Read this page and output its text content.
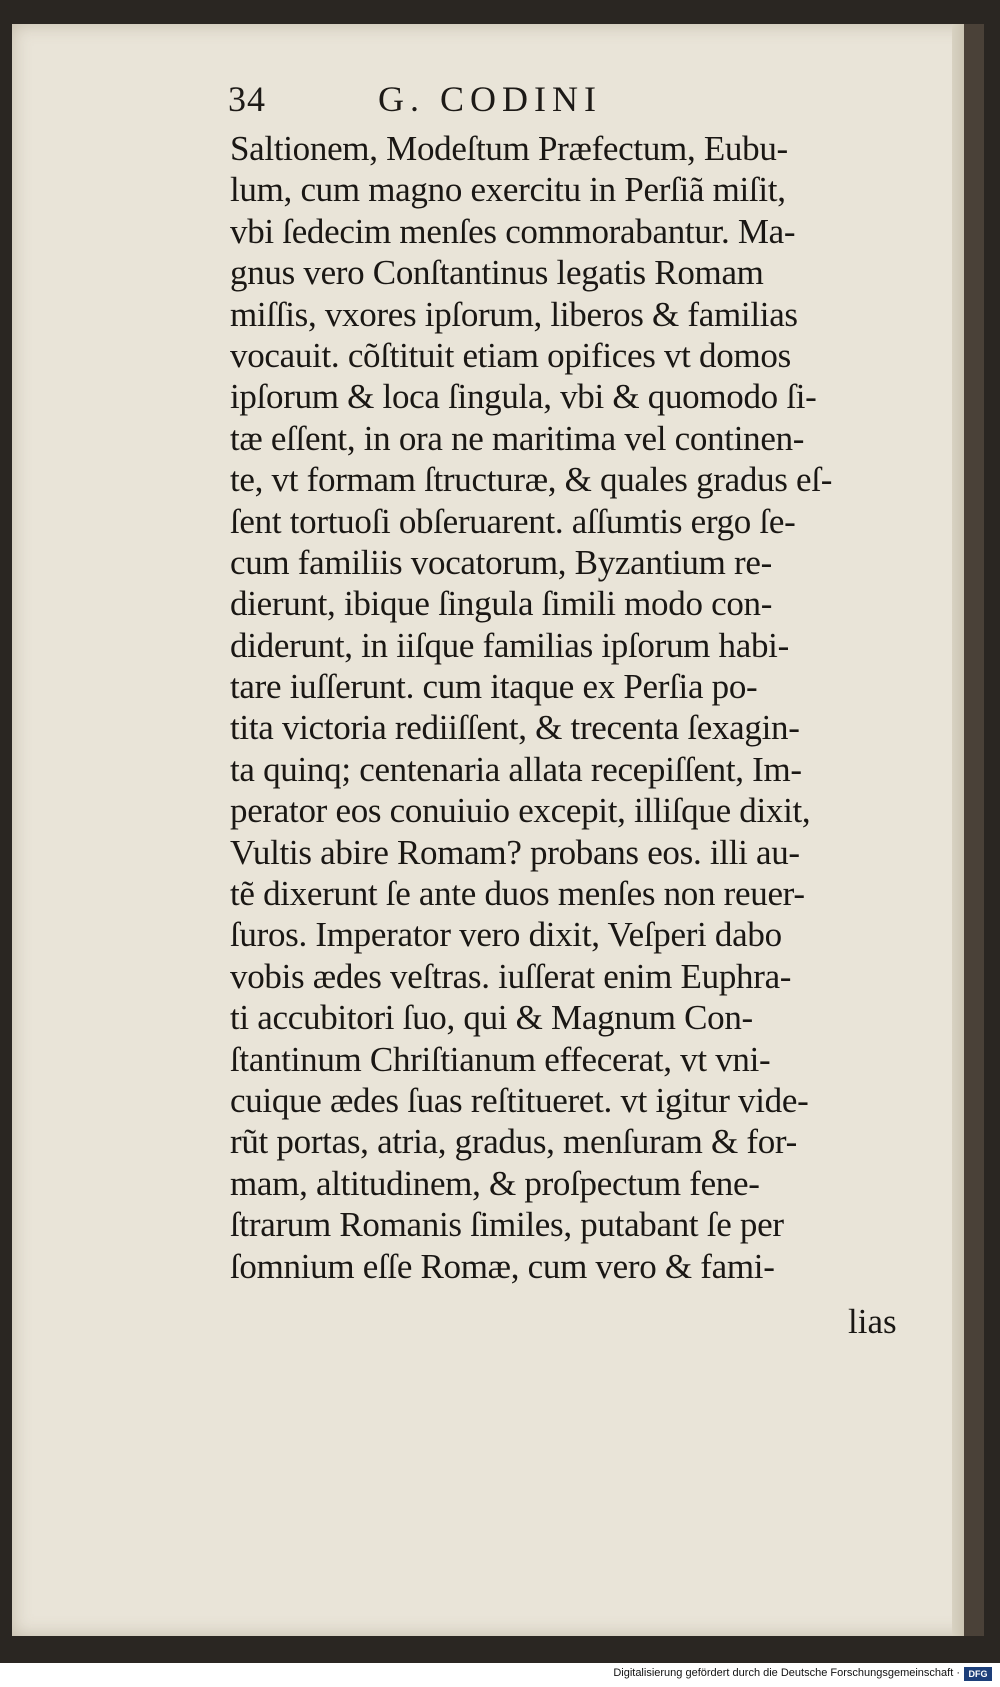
34	G. CODINI
Saltionem, Modeſtum Præfectum, Eubu-
lum, cum magno exercitu in Perſiã miſit,
vbi ſedecim menſes commorabantur. Ma-
gnus vero Conſtantinus legatis Romam
miſſis, vxores ipſorum, liberos & familias
vocauit. cõſtituit etiam opifices vt domos
ipſorum & loca ſingula, vbi & quomodo ſi-
tæ eſſent, in ora ne maritima vel continen-
te, vt formam ſtructuræ, & quales gradus eſ-
ſent tortuoſi obſeruarent. aſſumtis ergo ſe-
cum familiis vocatorum, Byzantium re-
dierunt, ibique ſingula ſimili modo con-
diderunt, in iiſque familias ipſorum habi-
tare iuſſerunt. cum itaque ex Perſia po-
tita victoria rediiſſent, & trecenta ſexagin-
ta quinq; centenaria allata recepiſſent, Im-
perator eos conuiuio excepit, illiſque dixit,
Vultis abire Romam? probans eos. illi au-
tẽ dixerunt ſe ante duos menſes non reuer-
ſuros. Imperator vero dixit, Veſperi dabo
vobis ædes veſtras. iuſſerat enim Euphra-
ti accubitori ſuo, qui & Magnum Con-
ſtantinum Chriſtianum effecerat, vt vni-
cuique ædes ſuas reſtitueret. vt igitur vide-
rũt portas, atria, gradus, menſuram & for-
mam, altitudinem, & proſpectum fene-
ſtrarum Romanis ſimiles, putabant ſe per
ſomnium eſſe Romæ, cum vero & fami-
lias
Digitalisierung gefördert durch die Deutsche Forschungsgemeinschaft · DFG
